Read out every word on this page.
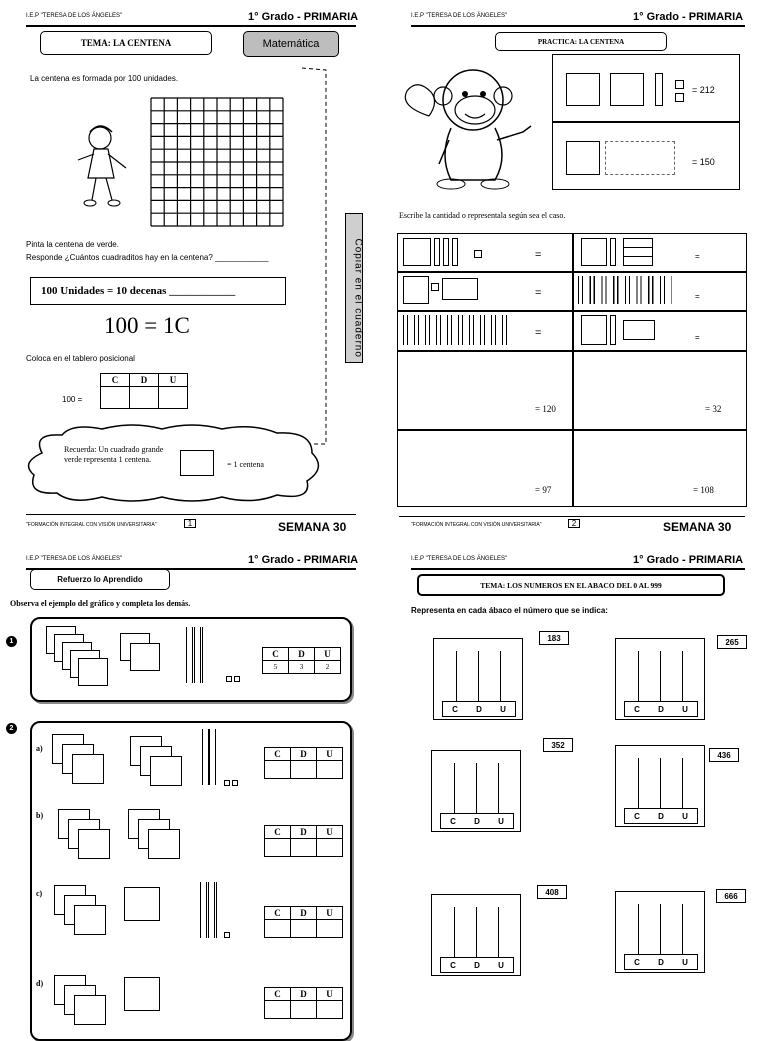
I.E.P "TERESA DE LOS ÁNGELES"	1° Grado - PRIMARIA
TEMA: LA CENTENA	Matemática
La centena es formada por 100 unidades.
Pinta la centena de verde.
Responde ¿Cuántos cuadraditos hay en la centena? ____________
100 Unidades = 10 decenas ____________
100 = 1C
Coloca en el tablero posicional
100 =
C	D	U

Copiar en el cuaderno
Recuerda: Un cuadrado grande verde representa 1 centena.
= 1 centena
"FORMACIÓN INTEGRAL CON VISIÓN UNIVERSITARIA"	1	SEMANA 30
I.E.P "TERESA DE LOS ÁNGELES"	1° Grado - PRIMARIA
PRACTICA: LA CENTENA
= 212
= 150
Escribe la cantidad o representala según sea el caso.
=	=
=	=
=	=
= 120	= 32
= 97	= 108
"FORMACIÓN INTEGRAL CON VISIÓN UNIVERSITARIA"	2	SEMANA 30
I.E.P "TERESA DE LOS ÁNGELES"	1° Grado - PRIMARIA
Refuerzo lo Aprendido
Observa el ejemplo del gráfico y completa los demás.
1
C	D	U
5	3	2
2
a)
C	D	U

b)
C	D	U

c)
C	D	U

d)
C	D	U

I.E.P "TERESA DE LOS ÁNGELES"	1° Grado - PRIMARIA
TEMA: LOS NUMEROS EN EL ABACO DEL 0 AL 999
Representa en cada ábaco el número que se indica:
C D U
183
C D U
265
C D U
352
C D U
436
C D U
408
C D U
666
